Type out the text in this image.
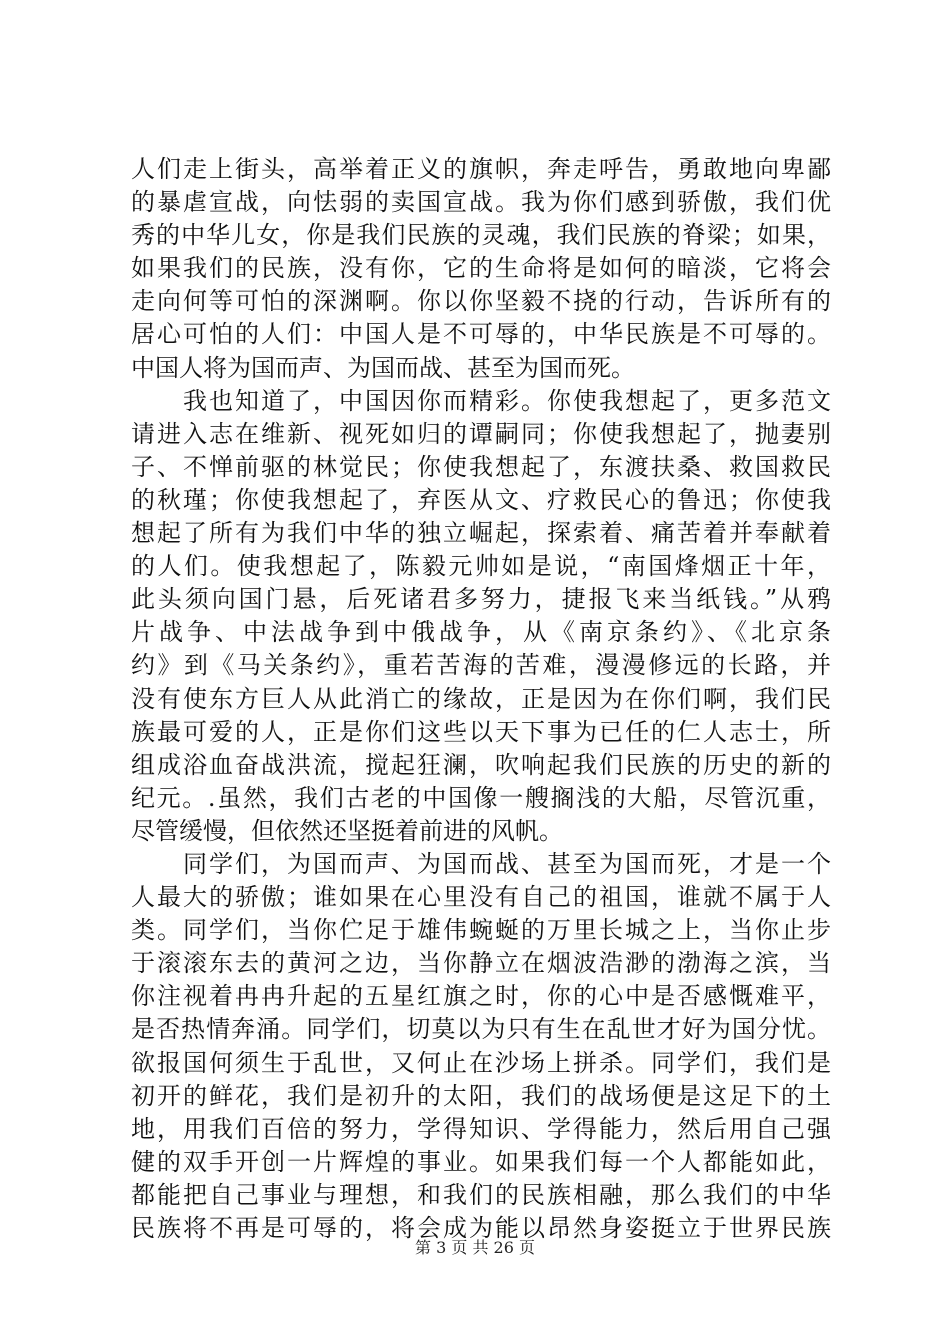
人们走上街头，高举着正义的旗帜，奔走呼告，勇敢地向卑鄙
的暴虐宣战，向怯弱的卖国宣战。我为你们感到骄傲，我们优
秀的中华儿女，你是我们民族的灵魂，我们民族的脊梁；如果，
如果我们的民族，没有你，它的生命将是如何的暗淡，它将会
走向何等可怕的深渊啊。你以你坚毅不挠的行动，告诉所有的
居心可怕的人们：中国人是不可辱的，中华民族是不可辱的。
中国人将为国而声、为国而战、甚至为国而死。
　　我也知道了，中国因你而精彩。你使我想起了，更多范文
请进入志在维新、视死如归的谭嗣同；你使我想起了，抛妻别
子、不惮前驱的林觉民；你使我想起了，东渡扶桑、救国救民
的秋瑾；你使我想起了，弃医从文、疗救民心的鲁迅；你使我
想起了所有为我们中华的独立崛起，探索着、痛苦着并奉献着
的人们。使我想起了，陈毅元帅如是说，“南国烽烟正十年，
此头须向国门悬，后死诸君多努力，捷报飞来当纸钱。”从鸦
片战争、中法战争到中俄战争，从《南京条约》、《北京条
约》到《马关条约》，重若苦海的苦难，漫漫修远的长路，并
没有使东方巨人从此消亡的缘故，正是因为在你们啊，我们民
族最可爱的人，正是你们这些以天下事为已任的仁人志士，所
组成浴血奋战洪流，搅起狂澜，吹响起我们民族的历史的新的
纪元。.虽然，我们古老的中国像一艘搁浅的大船，尽管沉重，
尽管缓慢，但依然还坚挺着前进的风帆。
　　同学们，为国而声、为国而战、甚至为国而死，才是一个
人最大的骄傲；谁如果在心里没有自己的祖国，谁就不属于人
类。同学们，当你伫足于雄伟蜿蜒的万里长城之上，当你止步
于滚滚东去的黄河之边，当你静立在烟波浩渺的渤海之滨，当
你注视着冉冉升起的五星红旗之时，你的心中是否感慨难平，
是否热情奔涌。同学们，切莫以为只有生在乱世才好为国分忧。
欲报国何须生于乱世，又何止在沙场上拼杀。同学们，我们是
初开的鲜花，我们是初升的太阳，我们的战场便是这足下的土
地，用我们百倍的努力，学得知识、学得能力，然后用自己强
健的双手开创一片辉煌的事业。如果我们每一个人都能如此，
都能把自己事业与理想，和我们的民族相融，那么我们的中华
民族将不再是可辱的，将会成为能以昂然身姿挺立于世界民族
第 3 页 共 26 页
